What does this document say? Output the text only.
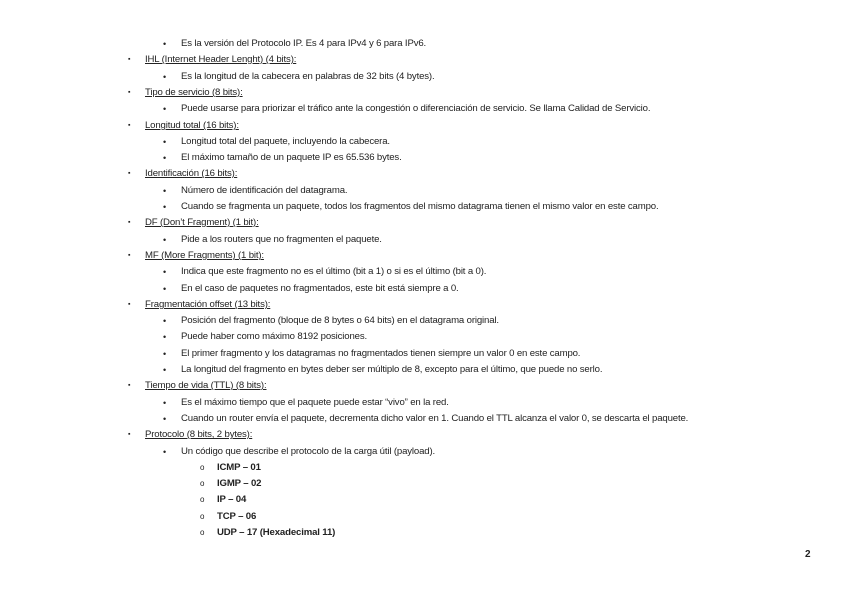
• Es la versión del Protocolo IP. Es 4 para IPv4 y 6 para IPv6.
▪ IHL (Internet Header Lenght) (4 bits):
• Es la longitud de la cabecera en palabras de 32 bits (4 bytes).
▪ Tipo de servicio (8 bits):
• Puede usarse para priorizar el tráfico ante la congestión o diferenciación de servicio. Se llama Calidad de Servicio.
▪ Longitud total (16 bits):
• Longitud total del paquete, incluyendo la cabecera.
• El máximo tamaño de un paquete IP es 65.536 bytes.
▪ Identificación (16 bits):
• Número de identificación del datagrama.
• Cuando se fragmenta un paquete, todos los fragmentos del mismo datagrama tienen el mismo valor en este campo.
▪ DF (Don’t Fragment) (1 bit):
• Pide a los routers que no fragmenten el paquete.
▪ MF (More Fragments) (1 bit):
• Indica que este fragmento no es el último (bit a 1) o si es el último (bit a 0).
• En el caso de paquetes no fragmentados, este bit está siempre a 0.
▪ Fragmentación offset (13 bits):
• Posición del fragmento (bloque de 8 bytes o 64 bits) en el datagrama original.
• Puede haber como máximo 8192 posiciones.
• El primer fragmento y los datagramas no fragmentados tienen siempre un valor 0 en este campo.
• La longitud del fragmento en bytes deber ser múltiplo de 8, excepto para el último, que puede no serlo.
▪ Tiempo de vida (TTL) (8 bits):
• Es el máximo tiempo que el paquete puede estar “vivo” en la red.
• Cuando un router envía el paquete, decrementa dicho valor en 1. Cuando el TTL alcanza el valor 0, se descarta el paquete.
▪ Protocolo (8 bits, 2 bytes):
• Un código que describe el protocolo de la carga útil (payload).
o ICMP – 01
o IGMP – 02
o IP – 04
o TCP – 06
o UDP – 17 (Hexadecimal 11)
2
